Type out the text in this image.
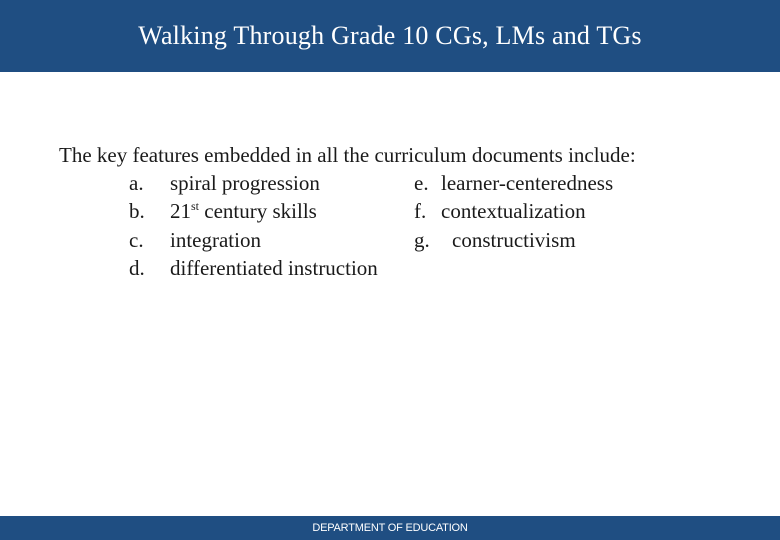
Walking Through Grade 10 CGs, LMs and TGs
The key features embedded in all the curriculum documents include:
a.	spiral progression	e. learner-centeredness
b.	21st century skills	f. contextualization
c.	integration	g.	constructivism
d.	differentiated instruction
DEPARTMENT OF EDUCATION
